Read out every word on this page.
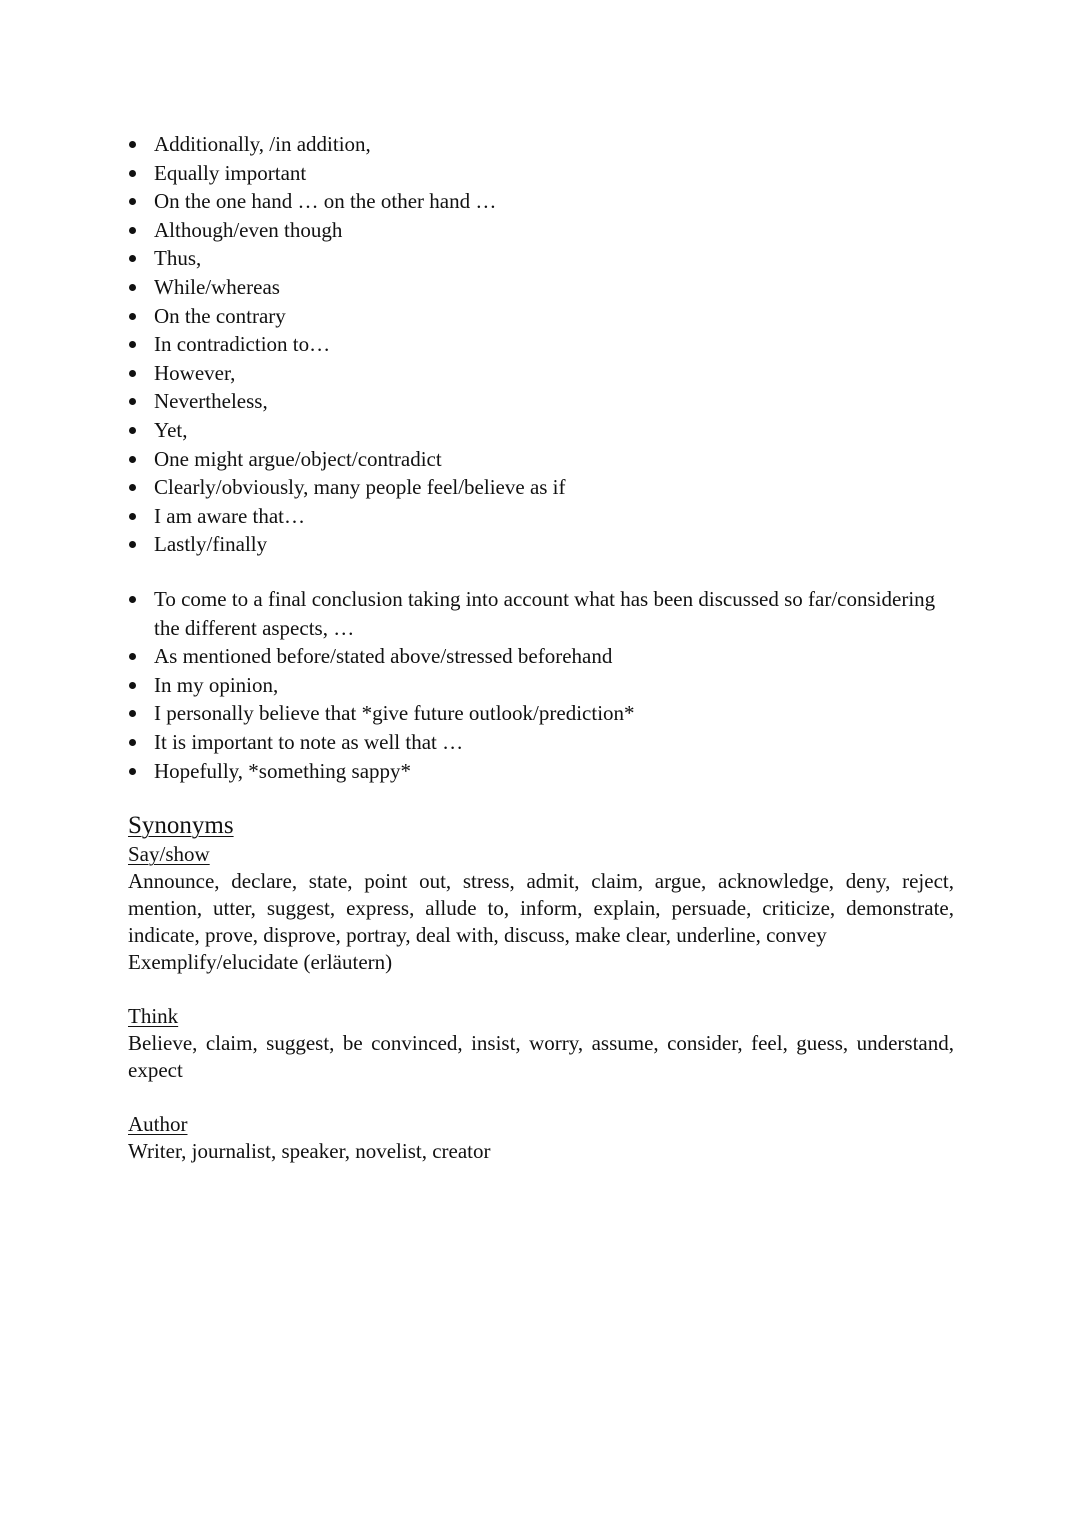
Additionally, /in addition,
Equally important
On the one hand … on the other hand …
Although/even though
Thus,
While/whereas
On the contrary
In contradiction to…
However,
Nevertheless,
Yet,
One might argue/object/contradict
Clearly/obviously, many people feel/believe as if
I am aware that…
Lastly/finally
To come to a final conclusion taking into account what has been discussed so far/considering the different aspects, …
As mentioned before/stated above/stressed beforehand
In my opinion,
I personally believe that *give future outlook/prediction*
It is important to note as well that …
Hopefully, *something sappy*
Synonyms
Say/show
Announce, declare, state, point out, stress, admit, claim, argue, acknowledge, deny, reject, mention, utter, suggest, express, allude to, inform, explain, persuade, criticize, demonstrate, indicate, prove, disprove, portray, deal with, discuss, make clear, underline, convey
Exemplify/elucidate (erläutern)
Think
Believe, claim, suggest, be convinced, insist, worry, assume, consider, feel, guess, understand, expect
Author
Writer, journalist, speaker, novelist, creator
